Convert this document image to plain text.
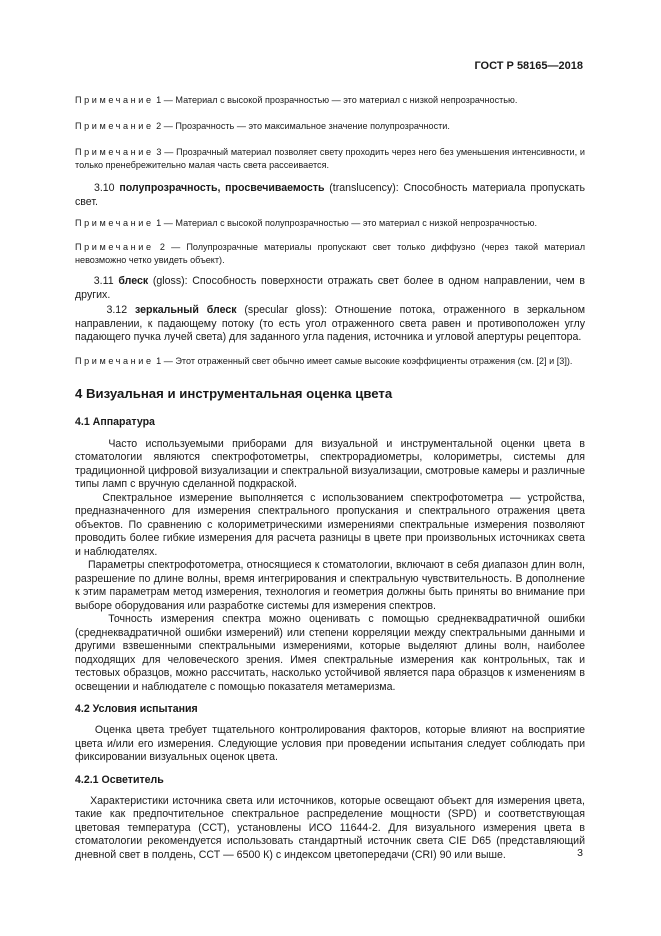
ГОСТ Р 58165—2018

Примечание 1 — Материал с высокой прозрачностью — это материал с низкой непрозрачностью.

Примечание 2 — Прозрачность — это максимальное значение полупрозрачности.

Примечание 3 — Прозрачный материал позволяет свету проходить через него без уменьшения интенсивности, и только пренебрежительно малая часть света рассеивается.

3.10 полупрозрачность, просвечиваемость (translucency): Способность материала пропускать свет.

Примечание 1 — Материал с высокой полупрозрачностью — это материал с низкой непрозрачностью.

Примечание 2 — Полупрозрачные материалы пропускают свет только диффузно (через такой материал невозможно четко увидеть объект).

3.11 блеск (gloss): Способность поверхности отражать свет более в одном направлении, чем в других.

3.12 зеркальный блеск (specular gloss): Отношение потока, отраженного в зеркальном направлении, к падающему потоку (то есть угол отраженного света равен и противоположен углу падающего пучка лучей света) для заданного угла падения, источника и угловой апертуры рецептора.

Примечание 1 — Этот отраженный свет обычно имеет самые высокие коэффициенты отражения (см. [2] и [3]).

4 Визуальная и инструментальная оценка цвета

4.1 Аппаратура

Часто используемыми приборами для визуальной и инструментальной оценки цвета в стоматологии являются спектрофотометры, спектрорадиометры, колориметры, системы для традиционной цифровой визуализации и спектральной визуализации, смотровые камеры и различные типы ламп с вручную сделанной подкраской.

Спектральное измерение выполняется с использованием спектрофотометра — устройства, предназначенного для измерения спектрального пропускания и спектрального отражения цвета объектов. По сравнению с колориметрическими измерениями спектральные измерения позволяют проводить более гибкие измерения для расчета разницы в цвете при произвольных источниках света и наблюдателях.

Параметры спектрофотометра, относящиеся к стоматологии, включают в себя диапазон длин волн, разрешение по длине волны, время интегрирования и спектральную чувствительность. В дополнение к этим параметрам метод измерения, технология и геометрия должны быть приняты во внимание при выборе оборудования или разработке системы для измерения спектров.

Точность измерения спектра можно оценивать с помощью среднеквадратичной ошибки (среднеквадратичной ошибки измерений) или степени корреляции между спектральными данными и другими взвешенными спектральными измерениями, которые выделяют длины волн, наиболее подходящих для человеческого зрения. Имея спектральные измерения как контрольных, так и тестовых образцов, можно рассчитать, насколько устойчивой является пара образцов к изменениям в освещении и наблюдателе с помощью показателя метамеризма.

4.2 Условия испытания

Оценка цвета требует тщательного контролирования факторов, которые влияют на восприятие цвета и/или его измерения. Следующие условия при проведении испытания следует соблюдать при фиксировании визуальных оценок цвета.

4.2.1 Осветитель

Характеристики источника света или источников, которые освещают объект для измерения цвета, такие как предпочтительное спектральное распределение мощности (SPD) и соответствующая цветовая температура (ССТ), установлены ИСО 11644-2. Для визуального измерения цвета в стоматологии рекомендуется использовать стандартный источник света CIE D65 (представляющий дневной свет в полдень, ССТ — 6500 К) с индексом цветопередачи (CRI) 90 или выше.	3
